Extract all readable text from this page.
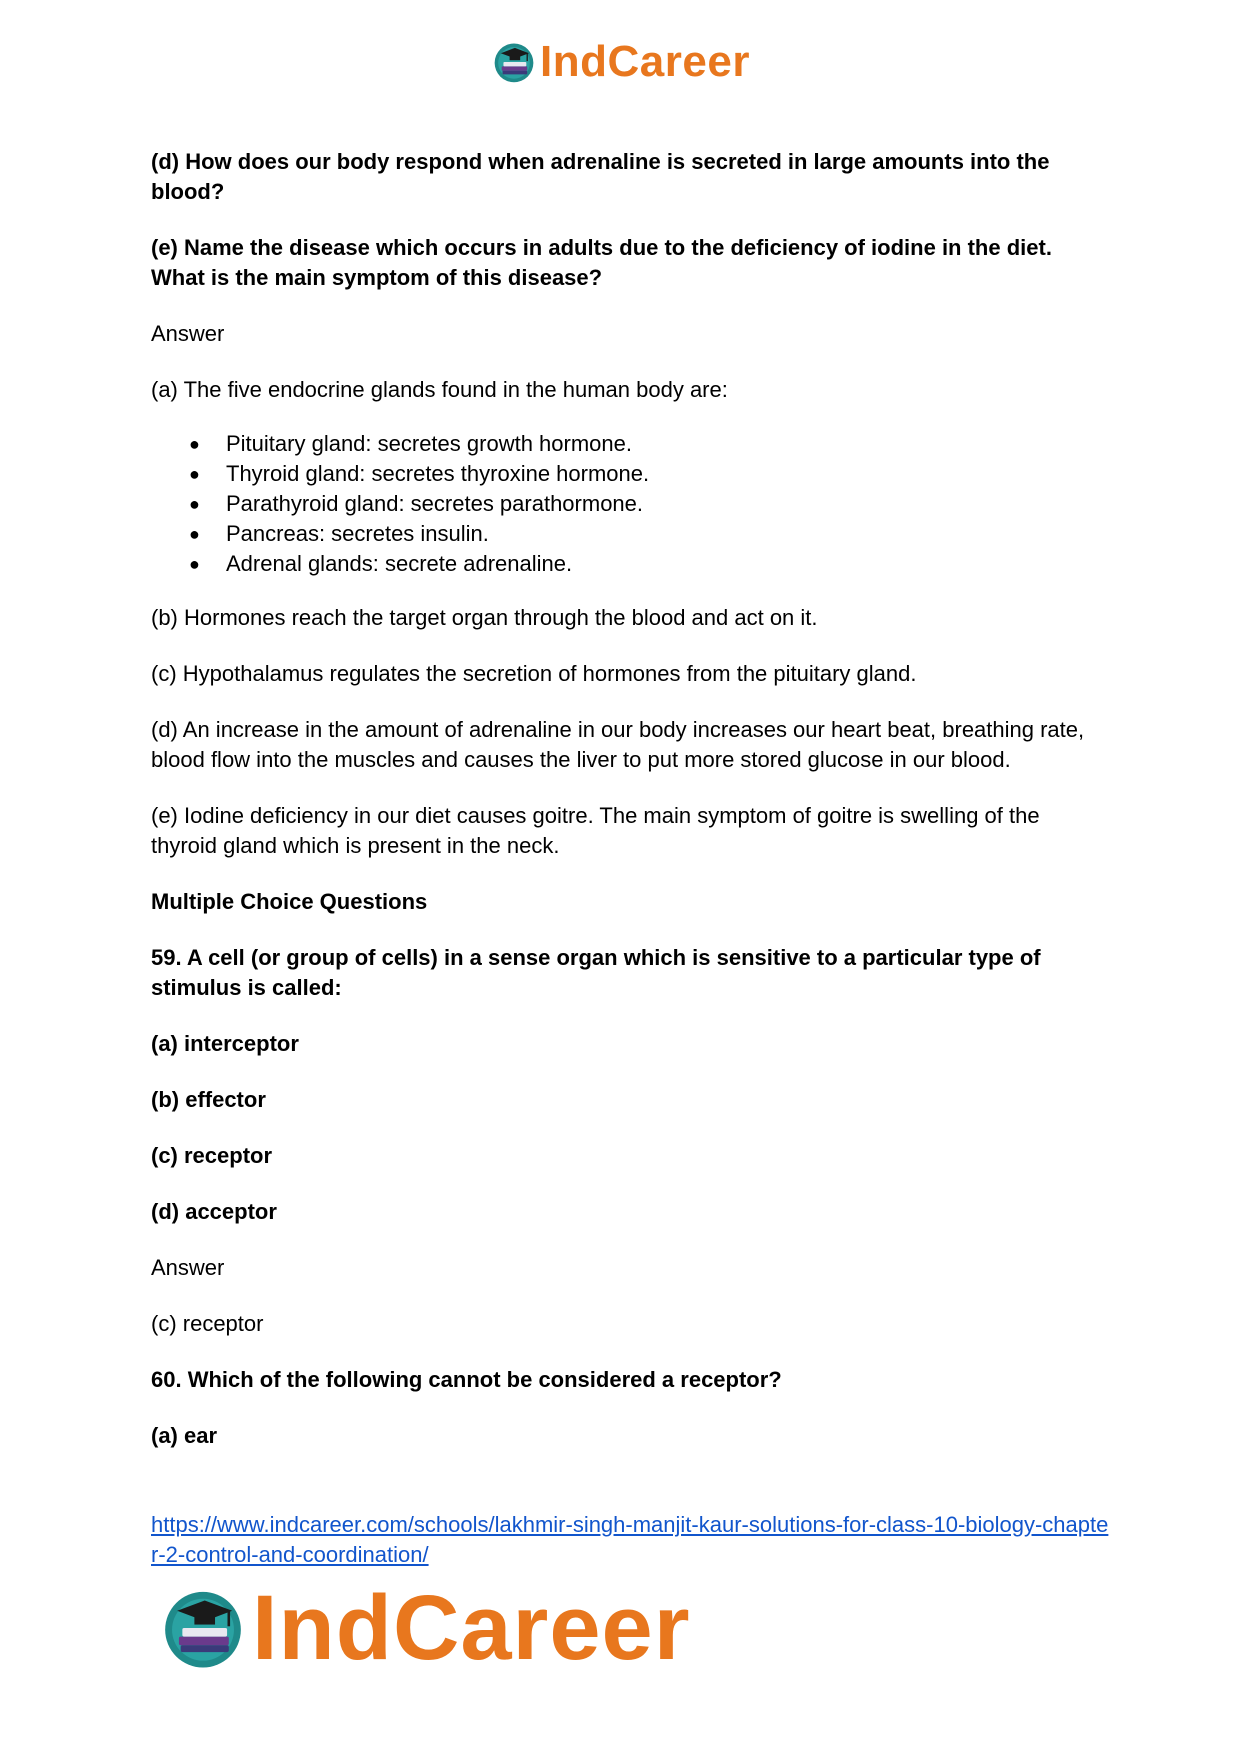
IndCareer

(d) How does our body respond when adrenaline is secreted in large amounts into the blood?

(e) Name the disease which occurs in adults due to the deficiency of iodine in the diet. What is the main symptom of this disease?

Answer

(a) The five endocrine glands found in the human body are:

● Pituitary gland: secretes growth hormone.
● Thyroid gland: secretes thyroxine hormone.
● Parathyroid gland: secretes parathormone.
● Pancreas: secretes insulin.
● Adrenal glands: secrete adrenaline.

(b) Hormones reach the target organ through the blood and act on it.

(c) Hypothalamus regulates the secretion of hormones from the pituitary gland.

(d) An increase in the amount of adrenaline in our body increases our heart beat, breathing rate, blood flow into the muscles and causes the liver to put more stored glucose in our blood.

(e) Iodine deficiency in our diet causes goitre. The main symptom of goitre is swelling of the thyroid gland which is present in the neck.

Multiple Choice Questions

59. A cell (or group of cells) in a sense organ which is sensitive to a particular type of stimulus is called:

(a) interceptor

(b) effector

(c) receptor

(d) acceptor

Answer

(c) receptor

60. Which of the following cannot be considered a receptor?

(a) ear

https://www.indcareer.com/schools/lakhmir-singh-manjit-kaur-solutions-for-class-10-biology-chapter-2-control-and-coordination/
IndCareer
